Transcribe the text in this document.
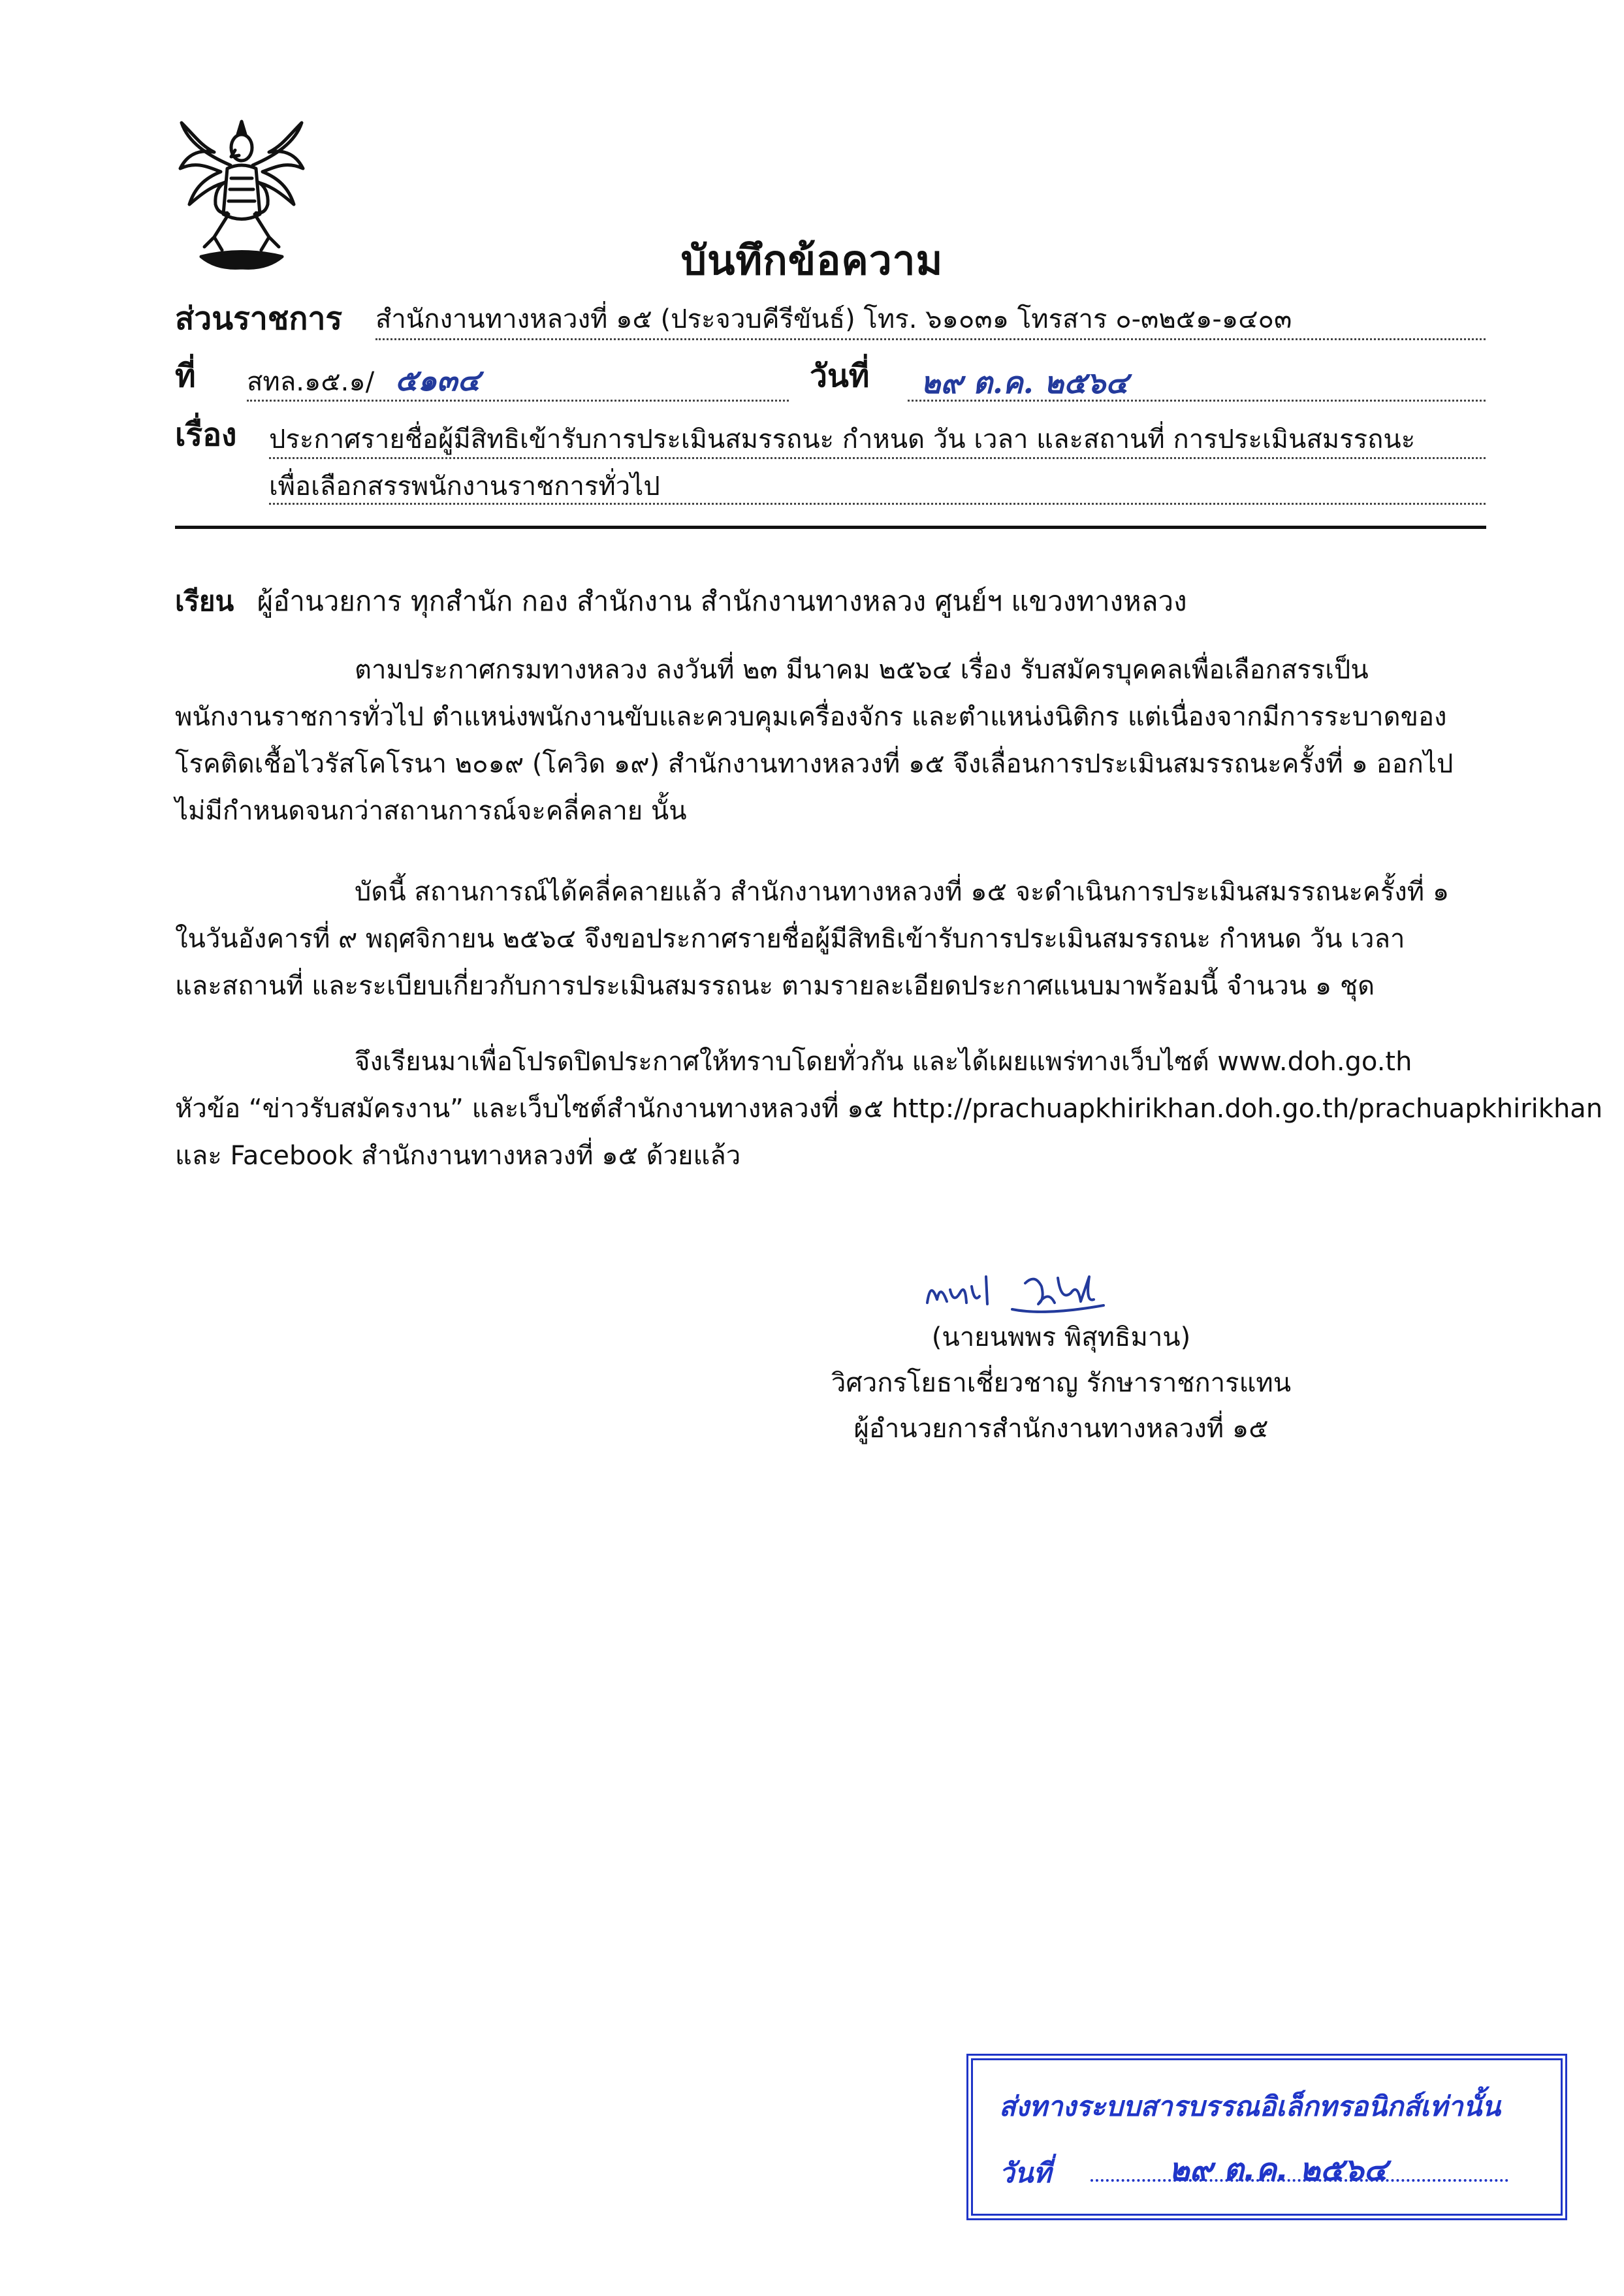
บันทึกข้อความ
ส่วนราชการ สำนักงานทางหลวงที่ ๑๕ (ประจวบคีรีขันธ์) โทร. ๖๑๐๓๑ โทรสาร ๐-๓๒๕๑-๑๔๐๓
ที่ สทล.๑๕.๑/ ๕๑๓๔	วันที่ ๒๙ ต.ค. ๒๕๖๔
เรื่อง ประกาศรายชื่อผู้มีสิทธิเข้ารับการประเมินสมรรถนะ กำหนด วัน เวลา และสถานที่ การประเมินสมรรถนะ
เพื่อเลือกสรรพนักงานราชการทั่วไป
เรียน ผู้อำนวยการ ทุกสำนัก กอง สำนักงาน สำนักงานทางหลวง ศูนย์ฯ แขวงทางหลวง
ตามประกาศกรมทางหลวง ลงวันที่ ๒๓ มีนาคม ๒๕๖๔ เรื่อง รับสมัครบุคคลเพื่อเลือกสรรเป็น
พนักงานราชการทั่วไป ตำแหน่งพนักงานขับและควบคุมเครื่องจักร และตำแหน่งนิติกร แต่เนื่องจากมีการระบาดของ
โรคติดเชื้อไวรัสโคโรนา ๒๐๑๙ (โควิด ๑๙) สำนักงานทางหลวงที่ ๑๕ จึงเลื่อนการประเมินสมรรถนะครั้งที่ ๑ ออกไป
ไม่มีกำหนดจนกว่าสถานการณ์จะคลี่คลาย นั้น
บัดนี้ สถานการณ์ได้คลี่คลายแล้ว สำนักงานทางหลวงที่ ๑๕ จะดำเนินการประเมินสมรรถนะครั้งที่ ๑
ในวันอังคารที่ ๙ พฤศจิกายน ๒๕๖๔ จึงขอประกาศรายชื่อผู้มีสิทธิเข้ารับการประเมินสมรรถนะ กำหนด วัน เวลา
และสถานที่ และระเบียบเกี่ยวกับการประเมินสมรรถนะ ตามรายละเอียดประกาศแนบมาพร้อมนี้ จำนวน ๑ ชุด
จึงเรียนมาเพื่อโปรดปิดประกาศให้ทราบโดยทั่วกัน และได้เผยแพร่ทางเว็บไซต์ www.doh.go.th
หัวข้อ “ข่าวรับสมัครงาน” และเว็บไซต์สำนักงานทางหลวงที่ ๑๕ http://prachuapkhirikhan.doh.go.th/prachuapkhirikhan
และ Facebook สำนักงานทางหลวงที่ ๑๕ ด้วยแล้ว
(นายนพพร พิสุทธิมาน)
วิศวกรโยธาเชี่ยวชาญ รักษาราชการแทน
ผู้อำนวยการสำนักงานทางหลวงที่ ๑๕
ส่งทางระบบสารบรรณอิเล็กทรอนิกส์เท่านั้น
วันที่	๒๙ ต.ค. ๒๕๖๔
